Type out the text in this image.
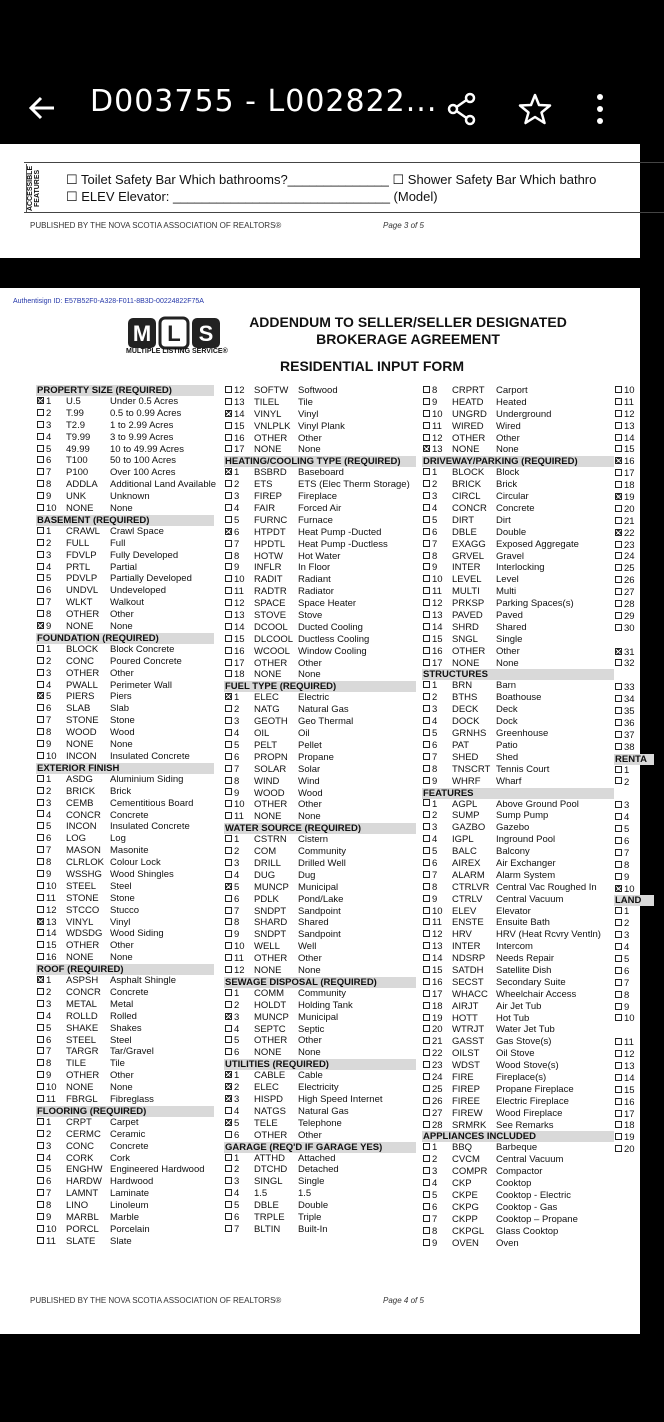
D003755 - L002822...
ACCESSIBLE FEATURES ☐ Toilet Safety Bar Which bathrooms?______________ ☐ Shower Safety Bar Which bathro
☐ ELEV Elevator: ______________________________ (Model)
PUBLISHED BY THE NOVA SCOTIA ASSOCIATION OF REALTORS®	Page 3 of 5
Authentisign ID: E57B52F0-A328-F011-8B3D-00224822F75A
M L S
MULTIPLE LISTING SERVICE®
ADDENDUM TO SELLER/SELLER DESIGNATED
BROKERAGE AGREEMENT
RESIDENTIAL INPUT FORM
PROPERTY SIZE (REQUIRED)
1 U.5	Under 0.5 Acres
2 T.99	0.5 to 0.99 Acres
3 T2.9	1 to 2.99 Acres
4 T9.99 3 to 9.99 Acres
5 49.99 10 to 49.99 Acres
6 T100 50 to 100 Acres
7 P100 Over 100 Acres
8 ADDLA Additional Land Available
9 UNK	Unknown
10 NONE None
BASEMENT (REQUIRED)
1 CRAWL Crawl Space
2 FULL Full
3 FDVLP Fully Developed
4 PRTL Partial
5 PDVLP Partially Developed
6 UNDVL Undeveloped
7 WLKT Walkout
8 OTHER Other
9 NONE None
FOUNDATION (REQUIRED)
1 BLOCK Block Concrete
2 CONC Poured Concrete
3 OTHER Other
4 PWALL Perimeter Wall
5 PIERS Piers
6 SLAB Slab
7 STONE Stone
8 WOOD Wood
9 NONE None
10 INCON Insulated Concrete
EXTERIOR FINISH
1 ASDG Aluminium Siding
2 BRICK Brick
3 CEMB Cementitious Board
4 CONCR Concrete
5 INCON Insulated Concrete
6 LOG	Log
7 MASON Masonite
8 CLRLOK Colour Lock
9 WSSHG Wood Shingles
10 STEEL Steel
11 STONE Stone
12 STCCO Stucco
13 VINYL Vinyl
14 WDSDG Wood Siding
15 OTHER Other
16 NONE None
ROOF (REQUIRED)
1 ASPSH Asphalt Shingle
2 CONCR Concrete
3 METAL Metal
4 ROLLD Rolled
5 SHAKE Shakes
6 STEEL Steel
7 TARGR Tar/Gravel
8 TILE	Tile
9 OTHER Other
10 NONE None
11 FBRGL Fibreglass
FLOORING (REQUIRED)
1 CRPT Carpet
2 CERMC Ceramic
3 CONC Concrete
4 CORK Cork
5 ENGHW Engineered Hardwood
6 HARDW Hardwood
7 LAMNT Laminate
8 LINO Linoleum
9 MARBL Marble
10 PORCL Porcelain
11 SLATE Slate
12 SOFTW Softwood
13 TILEL Tile
14 VINYL Vinyl
15 VNLPLK Vinyl Plank
16 OTHER Other
17 NONE None
HEATING/COOLING TYPE (REQUIRED)
1 BSBRD Baseboard
2 ETS	ETS (Elec Therm Storage)
3 FIREP Fireplace
4 FAIR Forced Air
5 FURNC Furnace
6 HTPDT Heat Pump -Ducted
7 HPDTL Heat Pump -Ductless
8 HOTW Hot Water
9 INFLR In Floor
10 RADIT Radiant
11 RADTR Radiator
12 SPACE Space Heater
13 STOVE Stove
14 DCOOL Ducted Cooling
15 DLCOOL Ductless Cooling
16 WCOOL Window Cooling
17 OTHER Other
18 NONE None
FUEL TYPE (REQUIRED)
1 ELEC Electric
2 NATG Natural Gas
3 GEOTH Geo Thermal
4 OIL	Oil
5 PELT Pellet
6 PROPN Propane
7 SOLAR Solar
8 WIND Wind
9 WOOD Wood
10 OTHER Other
11 NONE None
WATER SOURCE (REQUIRED)
1 CSTRN Cistern
2 COM Community
3 DRILL Drilled Well
4 DUG Dug
5 MUNCP Municipal
6 PDLK Pond/Lake
7 SNDPT Sandpoint
8 SHARD Shared
9 SNDPT Sandpoint
10 WELL Well
11 OTHER Other
12 NONE None
SEWAGE DISPOSAL (REQUIRED)
1 COMM Community
2 HOLDT Holding Tank
3 MUNCP Municipal
4 SEPTC Septic
5 OTHER Other
6 NONE None
UTILITIES (REQUIRED)
1 CABLE Cable
2 ELEC Electricity
3 HISPD High Speed Internet
4 NATGS Natural Gas
5 TELE Telephone
6 OTHER Other
GARAGE (REQ'D IF GARAGE YES)
1 ATTHD Attached
2 DTCHD Detached
3 SINGL Single
4 1.5	1.5
5 DBLE Double
6 TRPLE Triple
7 BLTIN Built-In
8 CRPRT Carport
9 HEATD Heated
10 UNGRD Underground
11 WIRED Wired
12 OTHER Other
13 NONE None
DRIVEWAY/PARKING (REQUIRED)
1 BLOCK Block
2 BRICK Brick
3 CIRCL Circular
4 CONCR Concrete
5 DIRT Dirt
6 DBLE Double
7 EXAGG Exposed Aggregate
8 GRVEL Gravel
9 INTER Interlocking
10 LEVEL Level
11 MULTI Multi
12 PRKSP Parking Spaces(s)
13 PAVED Paved
14 SHRD Shared
15 SNGL Single
16 OTHER Other
17 NONE None
STRUCTURES
1 BRN	Barn
2 BTHS Boathouse
3 DECK Deck
4 DOCK Dock
5 GRNHS Greenhouse
6 PAT	Patio
7 SHED Shed
8 TNSCRT Tennis Court
9 WHRF Wharf
FEATURES
1 AGPL Above Ground Pool
2 SUMP Sump Pump
3 GAZBO Gazebo
4 IGPL Inground Pool
5 BALC Balcony
6 AIREX Air Exchanger
7 ALARM Alarm System
8 CTRLVR Central Vac Roughed In
9 CTRLV Central Vacuum
10 ELEV Elevator
11 ENSTE Ensuite Bath
12 HRV	HRV (Heat Rcvry Ventln)
13 INTER Intercom
14 NDSRP Needs Repair
15 SATDH Satellite Dish
16 SECST Secondary Suite
17 WHACC Wheelchair Access
18 AIRJT Air Jet Tub
19 HOTT Hot Tub
20 WTRJT Water Jet Tub
21 GASST Gas Stove(s)
22 OILST Oil Stove
23 WDST Wood Stove(s)
24 FIRE Fireplace(s)
25 FIREP Propane Fireplace
26 FIREE Electric Fireplace
27 FIREW Wood Fireplace
28 SRMRK See Remarks
APPLIANCES INCLUDED
1 BBQ	Barbeque
2 CVCM Central Vacuum
3 COMPR Compactor
4 CKP	Cooktop
5 CKPE Cooktop - Electric
6 CKPG Cooktop - Gas
7 CKPP Cooktop – Propane
8 CKPGL Glass Cooktop
9 OVEN Oven
10
11
12
13
14
15
16
17
18
19
20
21
22
23
24
25
26
27
28
29
30
31
32
33
34
35
36
37
38
RENTA
1
2
3
4
5
6
7
8
9
10
LAND
1
2
3
4
5
6
7
8
9
10
11
12
13
14
15
16
17
18
19
20
PUBLISHED BY THE NOVA SCOTIA ASSOCIATION OF REALTORS®	Page 4 of 5
